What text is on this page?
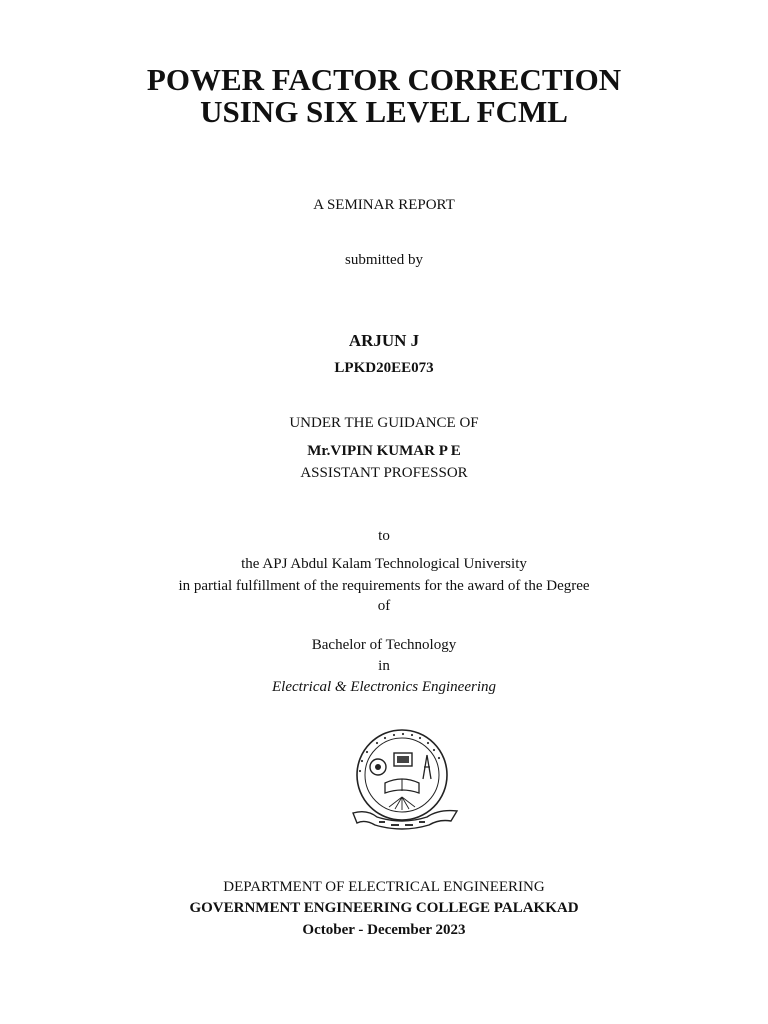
POWER FACTOR CORRECTION
USING SIX LEVEL FCML
A SEMINAR REPORT
submitted by
ARJUN J
LPKD20EE073
UNDER THE GUIDANCE OF
Mr.VIPIN KUMAR P E
ASSISTANT PROFESSOR
to
the APJ Abdul Kalam Technological University
in partial fulfillment of the requirements for the award of the Degree
of
Bachelor of Technology
in
Electrical & Electronics Engineering
DEPARTMENT OF ELECTRICAL ENGINEERING
GOVERNMENT ENGINEERING COLLEGE PALAKKAD
October - December 2023
